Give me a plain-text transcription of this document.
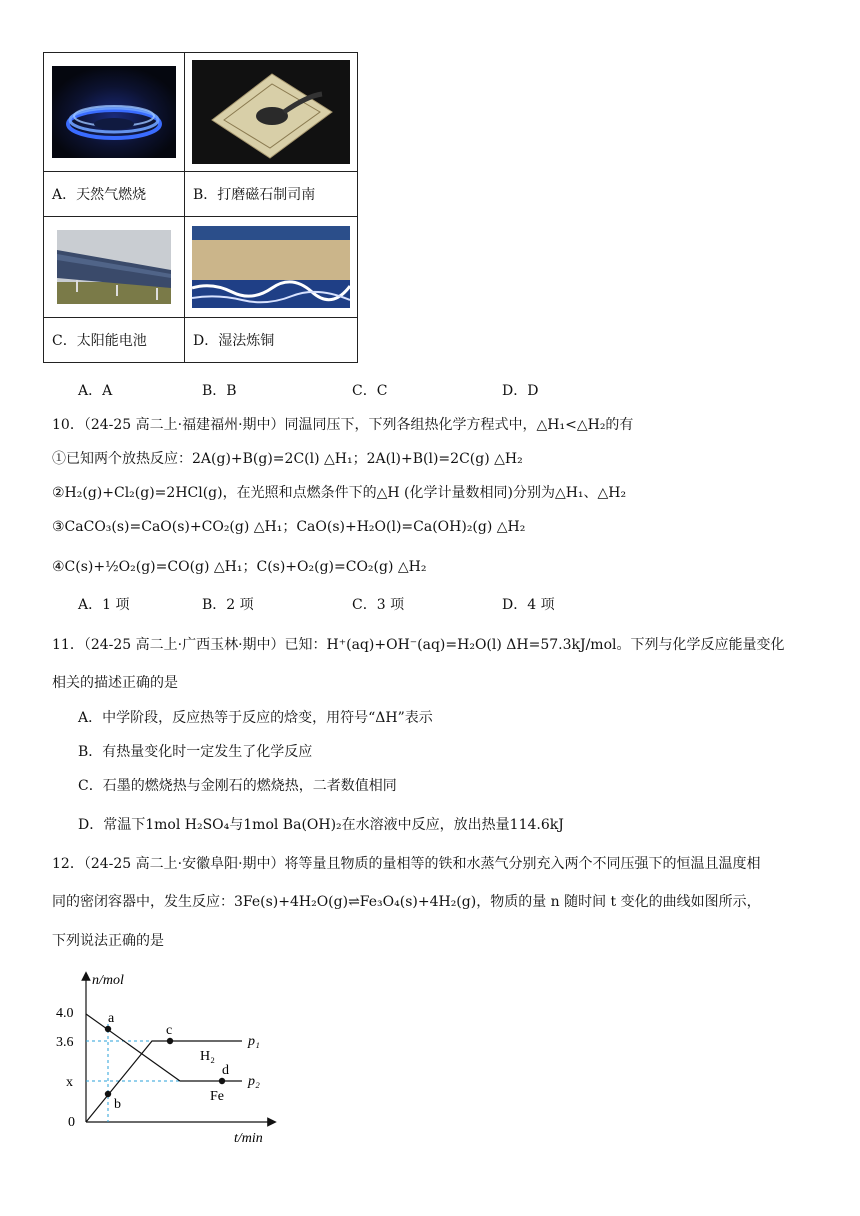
A．天然气燃烧	B．打磨磁石制司南

C．太阳能电池	D．湿法炼铜
A．A	B．B	C．C	D．D
10．（24-25 高二上·福建福州·期中）同温同压下，下列各组热化学方程式中，△H₁<△H₂的有
①已知两个放热反应：2A(g)+B(g)=2C(l) △H₁；2A(l)+B(l)=2C(g) △H₂
②H₂(g)+Cl₂(g)=2HCl(g)，在光照和点燃条件下的△H (化学计量数相同)分别为△H₁、△H₂
③CaCO₃(s)=CaO(s)+CO₂(g) △H₁；CaO(s)+H₂O(l)=Ca(OH)₂(g) △H₂
④C(s)+½O₂(g)=CO(g) △H₁；C(s)+O₂(g)=CO₂(g) △H₂
A．1 项	B．2 项	C．3 项	D．4 项
11．（24-25 高二上·广西玉林·期中）已知：H⁺(aq)+OH⁻(aq)=H₂O(l) ΔH=57.3kJ/mol。下列与化学反应能量变化
相关的描述正确的是
A．中学阶段，反应热等于反应的焓变，用符号“ΔH”表示
B．有热量变化时一定发生了化学反应
C．石墨的燃烧热与金刚石的燃烧热，二者数值相同
D．常温下1mol H₂SO₄与1mol Ba(OH)₂在水溶液中反应，放出热量114.6kJ
12．（24-25 高二上·安徽阜阳·期中）将等量且物质的量相等的铁和水蒸气分别充入两个不同压强下的恒温且温度相
同的密闭容器中，发生反应：3Fe(s)+4H₂O(g)⇌Fe₃O₄(s)+4H₂(g)，物质的量 n 随时间 t 变化的曲线如图所示，
下列说法正确的是
n/mol
t/min
4.0
3.6
x
0
a
b
c
d
H₂
Fe
p₁
p₂
